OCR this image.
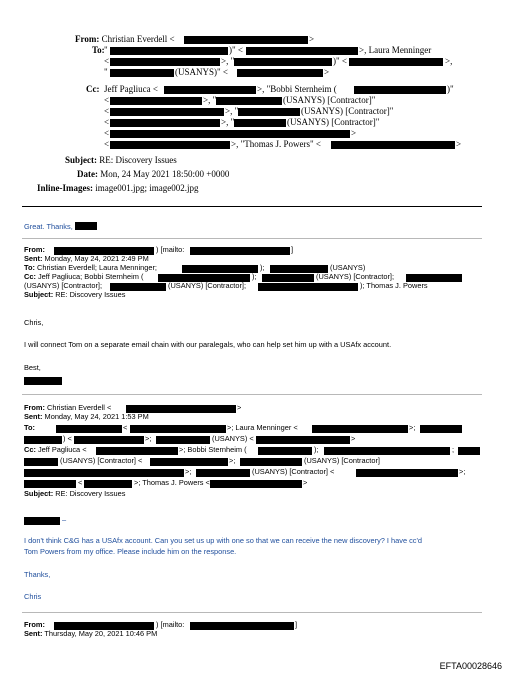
From: Christian Everdell <	>
To: "	)" <	>, Laura Menninger
<	>, "	)" <	>,
"	(USANYS)" <	>
Cc: Jeff Pagliuca <	>, "Bobbi Sternheim (	)"
<	>, "	(USANYS) [Contractor]"
<	>, "	(USANYS) [Contractor]"
<	>, "	(USANYS) [Contractor]"
<	>
<	>, "Thomas J. Powers" <	>
Subject: RE: Discovery Issues
Date: Mon, 24 May 2021 18:50:00 +0000
Inline-Images: image001.jpg; image002.jpg
Great. Thanks,
From:	) [mailto:	]
Sent: Monday, May 24, 2021 2:49 PM
To: Christian Everdell; Laura Menninger;	);	(USANYS)
Cc: Jeff Pagliuca; Bobbi Sternheim (	);	(USANYS) [Contractor];
(USANYS) [Contractor];	(USANYS) [Contractor];	); Thomas J. Powers
Subject: RE: Discovery Issues
Chris,
I will connect Tom on a separate email chain with our paralegals, who can help set him up with a USAfx account.
Best,
From: Christian Everdell <	>
Sent: Monday, May 24, 2021 1:53 PM
To:	<	>; Laura Menninger <	>;
) <	>;	(USANYS) <	>
Cc: Jeff Pagliuca <	>; Bobbi Sternheim (	);	;
(USANYS) [Contractor] <	>;	(USANYS) [Contractor]
>;	(USANYS) [Contractor] <	>;
<	>; Thomas J. Powers <	>
Subject: RE: Discovery Issues
–
I don't think C&G has a USAfx account. Can you set us up with one so that we can receive the new discovery? I have cc'd
Tom Powers from my office. Please include him on the response.
Thanks,
Chris
From:	) [mailto:	]
Sent: Thursday, May 20, 2021 10:46 PM
EFTA00028646
